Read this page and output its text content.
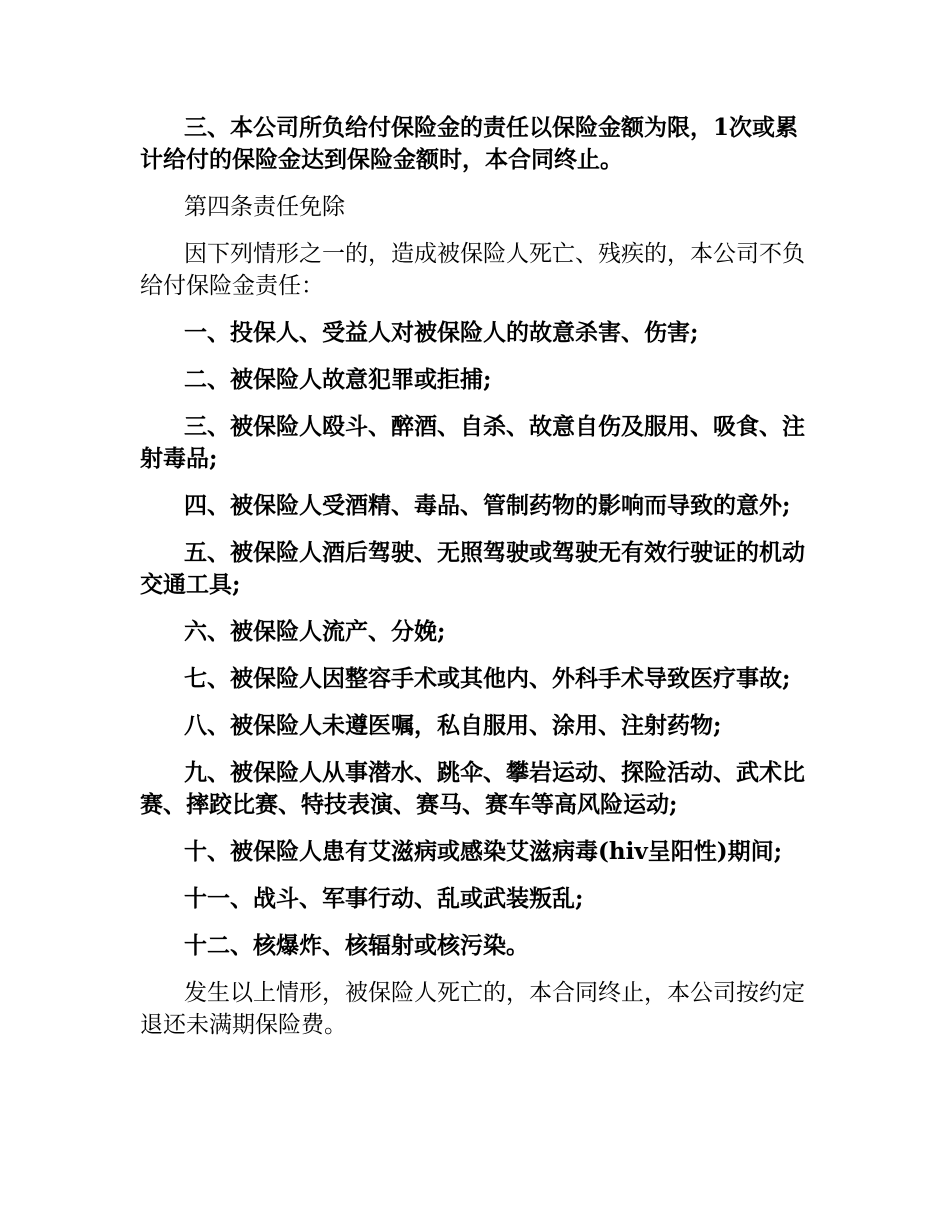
三、本公司所负给付保险金的责任以保险金额为限，1次或累计给付的保险金达到保险金额时，本合同终止。

第四条责任免除

因下列情形之一的，造成被保险人死亡、残疾的，本公司不负给付保险金责任：

一、投保人、受益人对被保险人的故意杀害、伤害;

二、被保险人故意犯罪或拒捕;

三、被保险人殴斗、醉酒、自杀、故意自伤及服用、吸食、注射毒品;

四、被保险人受酒精、毒品、管制药物的影响而导致的意外;

五、被保险人酒后驾驶、无照驾驶或驾驶无有效行驶证的机动交通工具;

六、被保险人流产、分娩;

七、被保险人因整容手术或其他内、外科手术导致医疗事故;

八、被保险人未遵医嘱，私自服用、涂用、注射药物;

九、被保险人从事潜水、跳伞、攀岩运动、探险活动、武术比赛、摔跤比赛、特技表演、赛马、赛车等高风险运动;

十、被保险人患有艾滋病或感染艾滋病毒(hiv呈阳性)期间;

十一、战斗、军事行动、乱或武装叛乱;

十二、核爆炸、核辐射或核污染。

发生以上情形，被保险人死亡的，本合同终止，本公司按约定退还未满期保险费。
